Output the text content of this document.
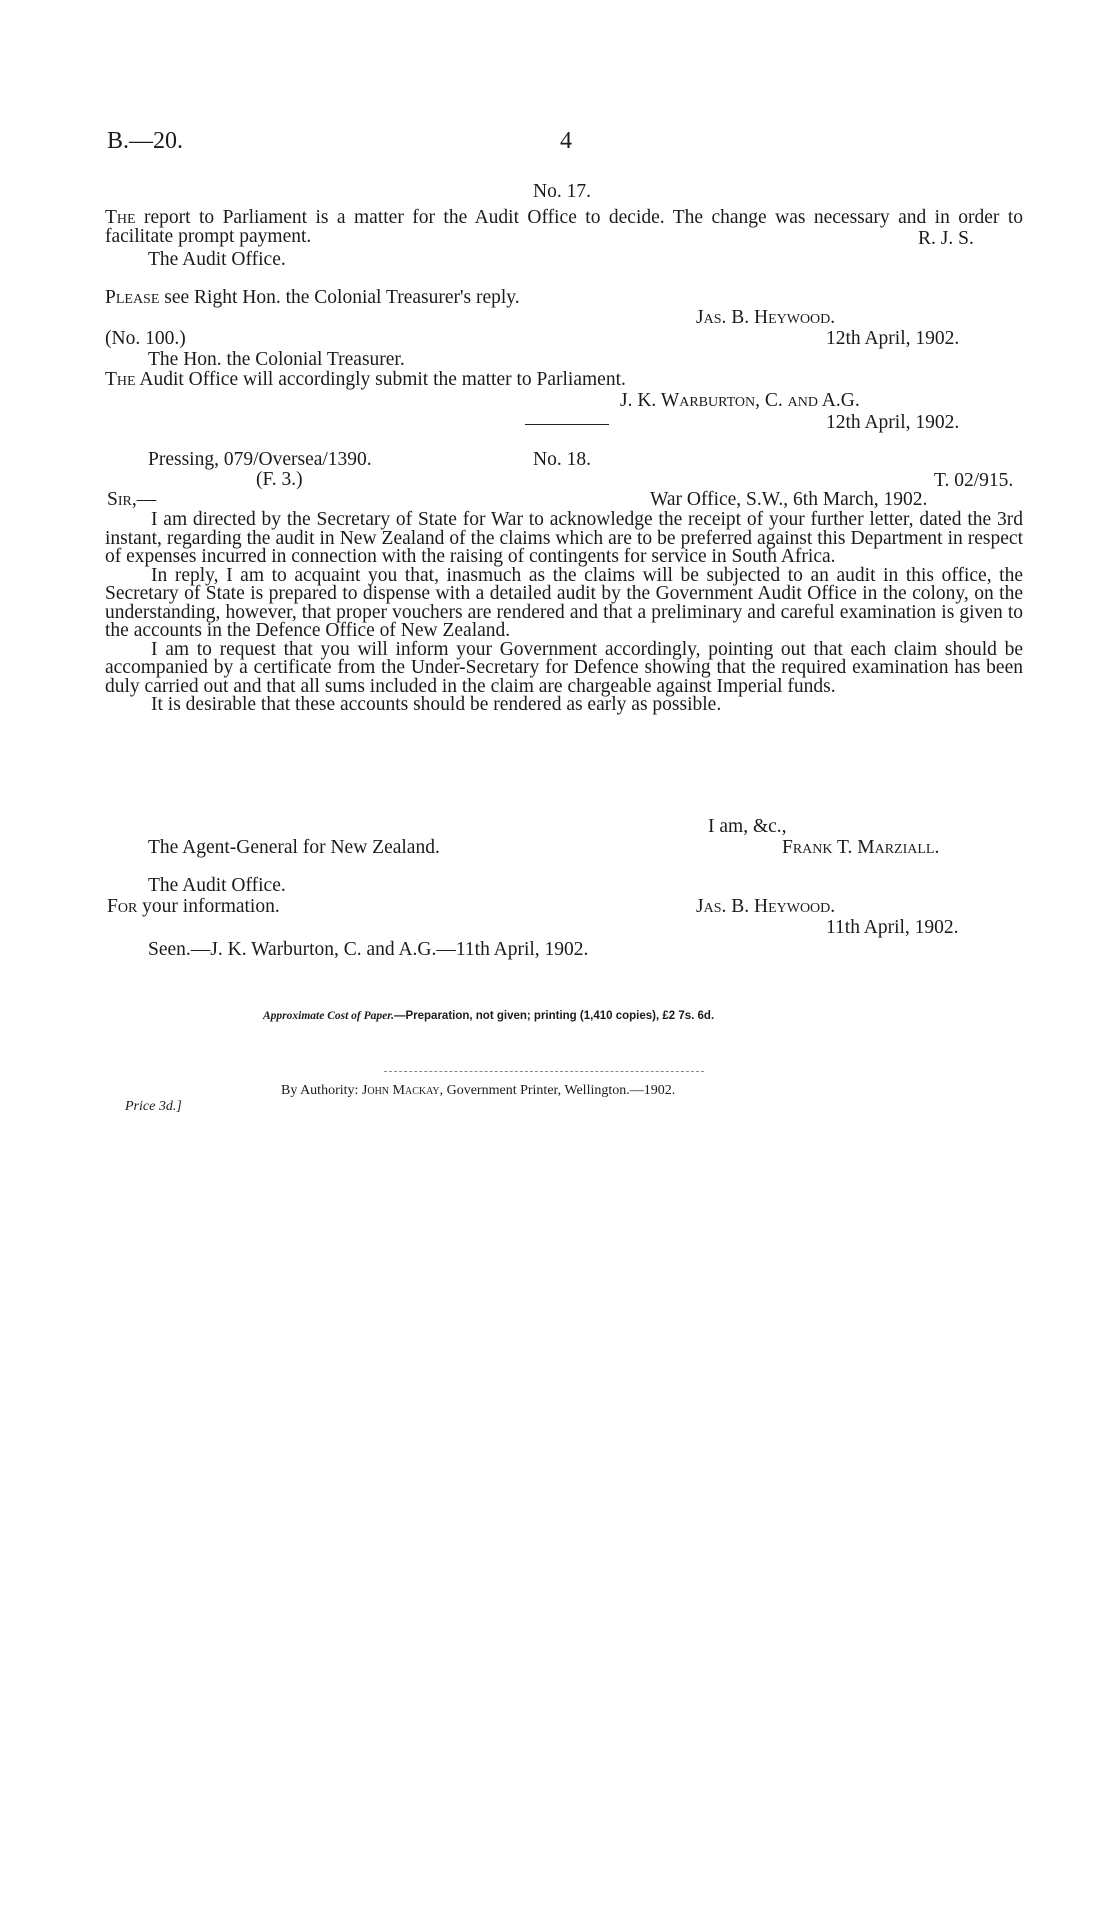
B.—20.	4
No. 17.

The report to Parliament is a matter for the Audit Office to decide. The change was necessary and in order to facilitate prompt payment.	R. J. S.
The Audit Office.
Please see Right Hon. the Colonial Treasurer's reply.
Jas. B. Heywood.
(No. 100.)	12th April, 1902.
The Hon. the Colonial Treasurer.
The Audit Office will accordingly submit the matter to Parliament.
J. K. Warburton, C. and A.G.
12th April, 1902.
Pressing, 079/Oversea/1390.	No. 18.
(F. 3.)	T. 02/915.
Sir,—	War Office, S.W., 6th March, 1902.

I am directed by the Secretary of State for War to acknowledge the receipt of your further letter, dated the 3rd instant, regarding the audit in New Zealand of the claims which are to be preferred against this Department in respect of expenses incurred in connection with the raising of contingents for service in South Africa.

In reply, I am to acquaint you that, inasmuch as the claims will be subjected to an audit in this office, the Secretary of State is prepared to dispense with a detailed audit by the Government Audit Office in the colony, on the understanding, however, that proper vouchers are rendered and that a preliminary and careful examination is given to the accounts in the Defence Office of New Zealand.

I am to request that you will inform your Government accordingly, pointing out that each claim should be accompanied by a certificate from the Under-Secretary for Defence showing that the required examination has been duly carried out and that all sums included in the claim are chargeable against Imperial funds.

It is desirable that these accounts should be rendered as early as possible.

I am, &c.,
The Agent-General for New Zealand.	Frank T. Marziall.
The Audit Office.
For your information.	Jas. B. Heywood.
11th April, 1902.
Seen.—J. K. Warburton, C. and A.G.—11th April, 1902.
Approximate Cost of Paper.—Preparation, not given; printing (1,410 copies), £2 7s. 6d.
By Authority: John Mackay, Government Printer, Wellington.—1902.
Price 3d.]
